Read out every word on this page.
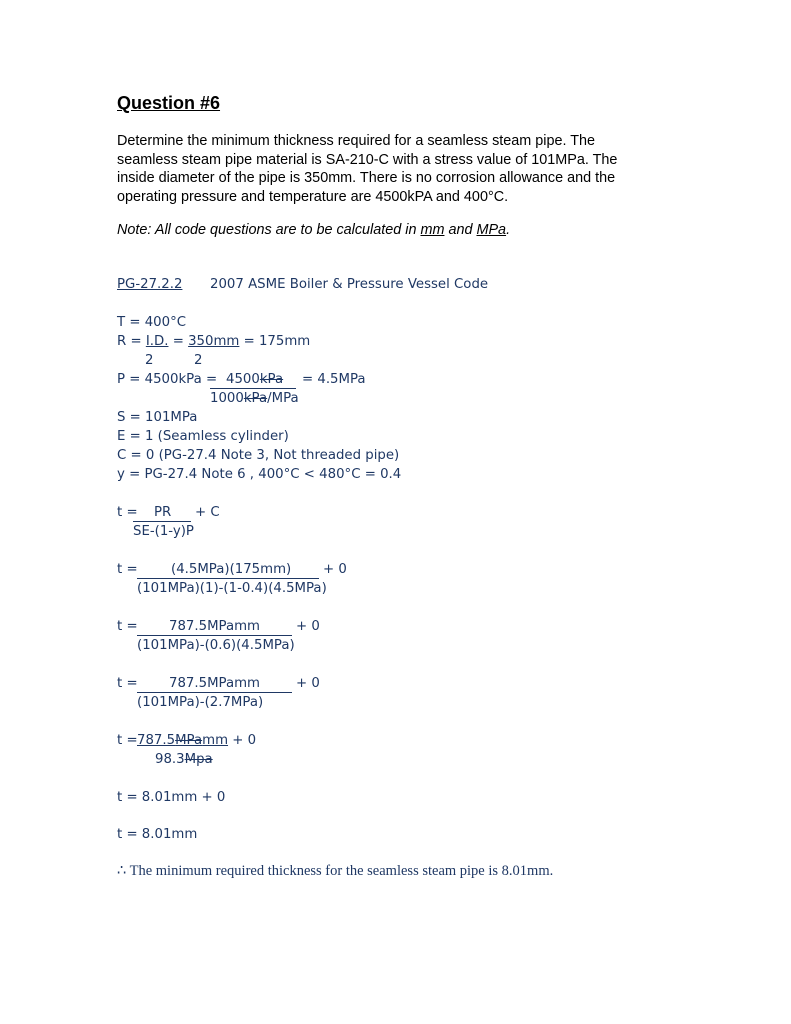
Question #6

Determine the minimum thickness required for a seamless steam pipe. The

seamless steam pipe material is SA-210-C with a stress value of 101MPa. The

inside diameter of the pipe is 350mm. There is no corrosion allowance and the

operating pressure and temperature are 4500kPA and 400°C.

Note: All code questions are to be calculated in mm and MPa.
PG-27.2.2 2007 ASME Boiler & Pressure Vessel Code
T = 400°C
R = I.D. = 350mm = 175mm
2	2
P = 4500kPa = 4500kPa = 4.5MPa
1000kPa/MPa
S = 101MPa
E = 1 (Seamless cylinder)
C = 0 (PG-27.4 Note 3, Not threaded pipe)
y = PG-27.4 Note 6 , 400°C < 480°C = 0.4
t = PR + C
SE-(1-y)P
t =	(4.5MPa)(175mm) + 0
(101MPa)(1)-(1-0.4)(4.5MPa)
t = 787.5MPamm	+ 0
(101MPa)-(0.6)(4.5MPa)
t = 787.5MPamm	+ 0
(101MPa)-(2.7MPa)
t = 787.5MPamm + 0
98.3Mpa
t = 8.01mm + 0
t = 8.01mm
∴ The minimum required thickness for the seamless steam pipe is 8.01mm.
